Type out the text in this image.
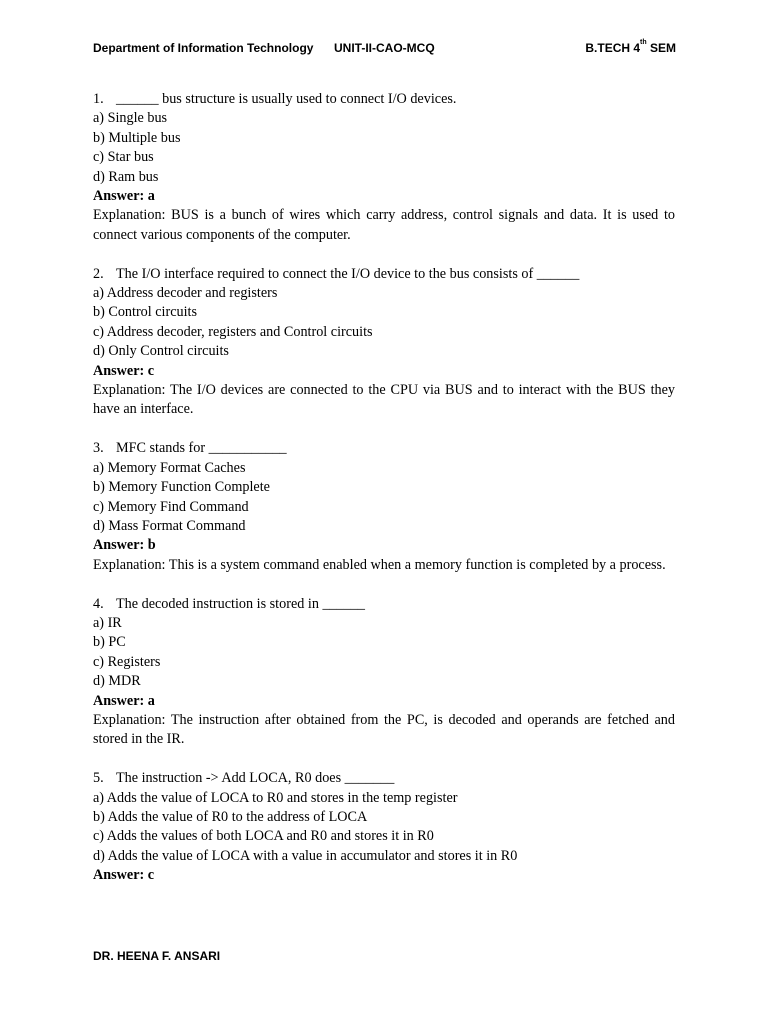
Department of Information Technology UNIT-II-CAO-MCQ	B.TECH 4th SEM
1. ______ bus structure is usually used to connect I/O devices.
a) Single bus
b) Multiple bus
c) Star bus
d) Ram bus
Answer: a
Explanation: BUS is a bunch of wires which carry address, control signals and data. It is used to connect various components of the computer.
2. The I/O interface required to connect the I/O device to the bus consists of ______
a) Address decoder and registers
b) Control circuits
c) Address decoder, registers and Control circuits
d) Only Control circuits
Answer: c
Explanation: The I/O devices are connected to the CPU via BUS and to interact with the BUS they have an interface.
3. MFC stands for ___________
a) Memory Format Caches
b) Memory Function Complete
c) Memory Find Command
d) Mass Format Command
Answer: b
Explanation: This is a system command enabled when a memory function is completed by a process.
4. The decoded instruction is stored in ______
a) IR
b) PC
c) Registers
d) MDR
Answer: a
Explanation: The instruction after obtained from the PC, is decoded and operands are fetched and stored in the IR.
5. The instruction -> Add LOCA, R0 does _______
a) Adds the value of LOCA to R0 and stores in the temp register
b) Adds the value of R0 to the address of LOCA
c) Adds the values of both LOCA and R0 and stores it in R0
d) Adds the value of LOCA with a value in accumulator and stores it in R0
Answer: c
DR. HEENA F. ANSARI
